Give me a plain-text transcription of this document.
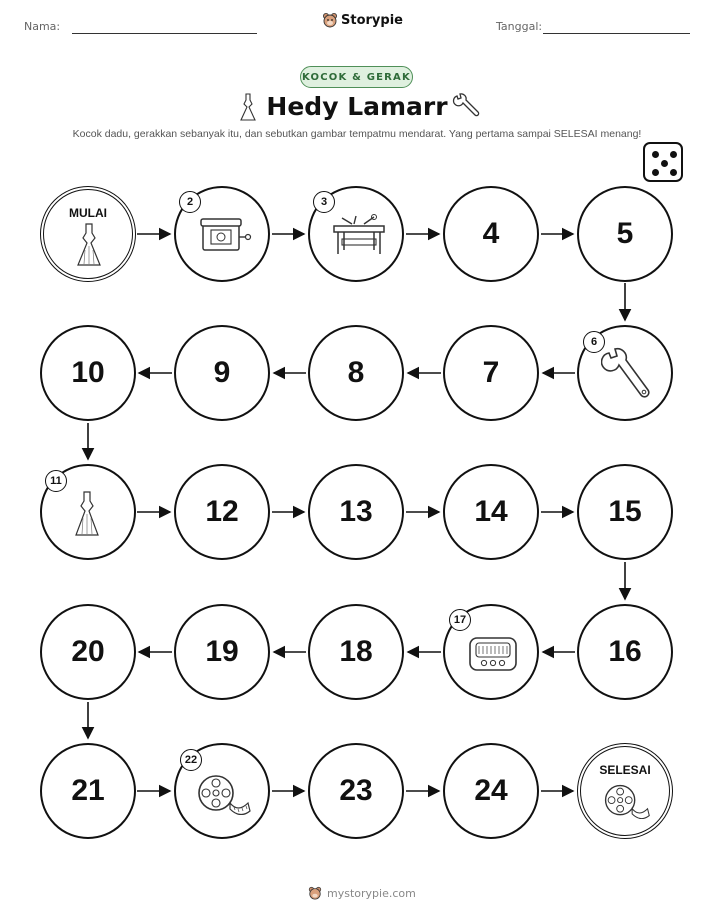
Nama:	Storypie	Tanggal:
KOCOK & GERAK
Hedy Lamarr
Kocok dadu, gerakkan sebanyak itu, dan sebutkan gambar tempatmu mendarat. Yang pertama sampai SELESAI menang!
MULAI
2	3
4	5
10	9	8	7
6
11
12	13	14	15
20	19	18
17
16
21
22
23	24
SELESAI
mystorypie.com
